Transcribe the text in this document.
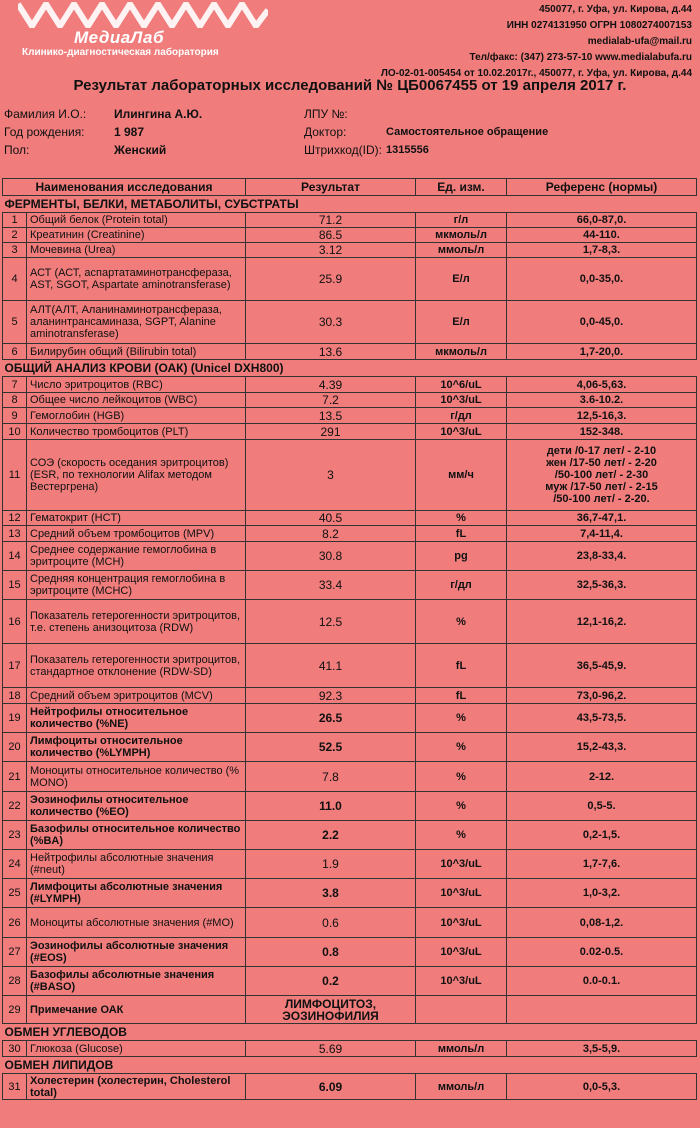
МедиаЛаб
Клинико-диагностическая лаборатория
450077, г. Уфа, ул. Кирова, д.44
ИНН 0274131950 ОГРН 1080274007153
medialab-ufa@mail.ru
Тел/факс: (347) 273-57-10 www.medialabufa.ru
ЛО-02-01-005454 от 10.02.2017г., 450077, г. Уфа, ул. Кирова, д.44
Результат лабораторных исследований № ЦБ0067455 от 19 апреля 2017 г.
Фамилия И.О.: Илингина А.Ю.
Год рождения: 1 987
Пол:	Женский
ЛПУ №:
Доктор:	Самостоятельное обращение
Штрихкод(ID): 1315556
Наименования исследования		Результат	Ед. изм.	Референс (нормы)
ФЕРМЕНТЫ, БЕЛКИ, МЕТАБОЛИТЫ, СУБСТРАТЫ				
1	Общий белок (Protein total)	71.2	г/л	66,0-87,0.
2	Креатинин (Creatinine)	86.5	мкмоль/л	44-110.
3	Мочевина (Urea)	3.12	ммоль/л	1,7-8,3.
4	АСТ (АСТ, аспартатаминотрансфераза, AST, SGOT, Aspartate aminotransferase)	25.9	Е/л	0,0-35,0.
5	АЛТ(АЛТ, Аланинаминотрансфераза, аланинтрансаминаза, SGPT, Alanine aminotransferase)	30.3	Е/л	0,0-45,0.
6	Билирубин общий (Bilirubin total)	13.6	мкмоль/л	1,7-20,0.
ОБЩИЙ АНАЛИЗ КРОВИ (ОАК) (Unicel DXH800)				
7	Число эритроцитов (RBC)	4.39	10^6/uL	4,06-5,63.
8	Общее число лейкоцитов (WBC)	7.2	10^3/uL	3.6-10.2.
9	Гемоглобин (HGB)	13.5	г/дл	12,5-16,3.
10	Количество тромбоцитов (PLT)	291	10^3/uL	152-348.
11	СОЭ (скорость оседания эритроцитов) (ESR, по технологии Alifax методом Вестергрена)	3	мм/ч	дети /0-17 лет/ - 2-10
жен /17-50 лет/ - 2-20
/50-100 лет/ - 2-30
муж /17-50 лет/ - 2-15
/50-100 лет/ - 2-20.
12	Гематокрит (HCT)	40.5	%	36,7-47,1.
13	Средний объем тромбоцитов (MPV)	8.2	fL	7,4-11,4.
14	Среднее содержание гемоглобина в эритроците (MCH)	30.8	pg	23,8-33,4.
15	Средняя концентрация гемоглобина в эритроците (MCHC)	33.4	г/дл	32,5-36,3.
16	Показатель гетерогенности эритроцитов, т.е. степень анизоцитоза (RDW)	12.5	%	12,1-16,2.
17	Показатель гетерогенности эритроцитов, стандартное отклонение (RDW-SD)	41.1	fL	36,5-45,9.
18	Средний объем эритроцитов (MCV)	92.3	fL	73,0-96,2.
19	Нейтрофилы относительное количество (%NE)	26.5	%	43,5-73,5.
20	Лимфоциты относительное количество (%LYMPH)	52.5	%	15,2-43,3.
21	Моноциты относительное количество (% MONO)	7.8	%	2-12.
22	Эозинофилы относительное количество (%EO)	11.0	%	0,5-5.
23	Базофилы относительное количество (%BA)	2.2	%	0,2-1,5.
24	Нейтрофилы абсолютные значения (#neut)	1.9	10^3/uL	1,7-7,6.
25	Лимфоциты абсолютные значения (#LYMPH)	3.8	10^3/uL	1,0-3,2.
26	Моноциты абсолютные значения (#MO)	0.6	10^3/uL	0,08-1,2.
27	Эозинофилы абсолютные значения (#EOS)	0.8	10^3/uL	0.02-0.5.
28	Базофилы абсолютные значения (#BASO)	0.2	10^3/uL	0.0-0.1.
29	Примечание ОАК	ЛИМФОЦИТОЗ, ЭОЗИНОФИЛИЯ		
ОБМЕН УГЛЕВОДОВ				
30	Глюкоза (Glucose)	5.69	ммоль/л	3,5-5,9.
ОБМЕН ЛИПИДОВ				
31	Холестерин (холестерин, Cholesterol total)	6.09	ммоль/л	0,0-5,3.
